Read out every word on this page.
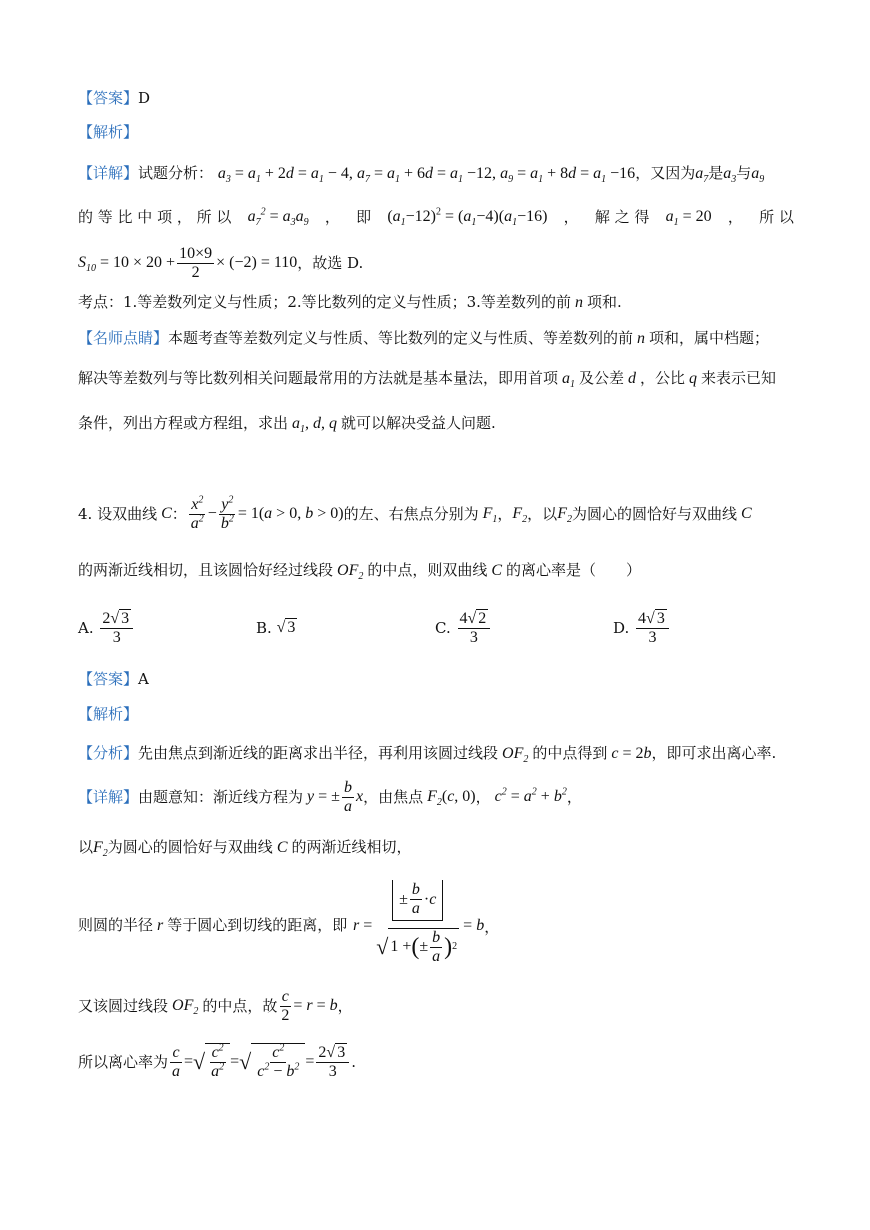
【答案】D
【解析】
【详解】试题分析： $a_3 = a_1 + 2d = a_1 - 4$, $a_7 = a_1 + 6d = a_1 -12$, $a_9 = a_1 + 8d = a_1 -16$，又因为$a_7$是$a_3$与$a_9$
的 等 比 中 项 ， 所 以 $a_7^2 = a_3a_9$ ， 即 $(a_1-12)^2 = (a_1-4)(a_1-16)$ ， 解 之 得 $a_1 = 20$ ， 所 以
$S_{10} = 10 \times 20 + \frac{10\times 9}{2} \times (-2) = 110$ ， 故选 D.
考点：1.等差数列定义与性质；2.等比数列的定义与性质；3.等差数列的前 n 项和.
【名师点睛】本题考查等差数列定义与性质、等比数列的定义与性质、等差数列的前 n 项和，属中档题；
解决等差数列与等比数列相关问题最常用的方法就是基本量法，即用首项 $a_1$ 及公差 d ，公比 q 来表示已知
条件，列出方程或方程组，求出 $a_1$, d, q 就可以解决受益人问题.
4. 设双曲线 C ： $\frac{x^2}{a^2} - \frac{y^2}{b^2} = 1(a > 0$, b > 0) 的左、右焦点分别为 $F_1$ ， $F_2$ ， 以 $F_2$ 为圆心的圆恰好与双曲线 C
的两渐近线相切，且该圆恰好经过线段 $OF_2$ 的中点，则双曲线 C 的离心率是（　　）
A.
$\frac{2√ 3}{3}$	B.
√ 3	C.
$\frac{4√ 2}{3}$	D.
$\frac{4√ 3}{3}$
【答案】A
【解析】
【分析】先由焦点到渐近线的距离求出半径，再利用该圆过线段 $OF_2$ 的中点得到 c = 2b，即可求出离心率.
【详解】 由题意知：渐近线方程为 y = ± $\frac{b}{a}$ x ，由焦点 $F_2(c$, 0) ， $c^2 = a^2 + b^2$ ，
以$F_2$为圆心的圆恰好与双曲线 C 的两渐近线相切，
则圆的半径 r 等于圆心到切线的距离，即 $r = \frac{\pm \frac{b}{a} \cdot c}{√ 1 + ( \pm \frac{b}{a} ) 2} = b$ ，
又该圆过线段 $OF_2$ 的中点，故 $\frac{c}{2} = r = b$ ，
所以离心率为 $\frac{c}{a}$ = √ $\frac{c^2}{a^2}$ = √ $\frac{c^2}{c^2 - b^2} = \frac{2√ 3}{3}$ .
